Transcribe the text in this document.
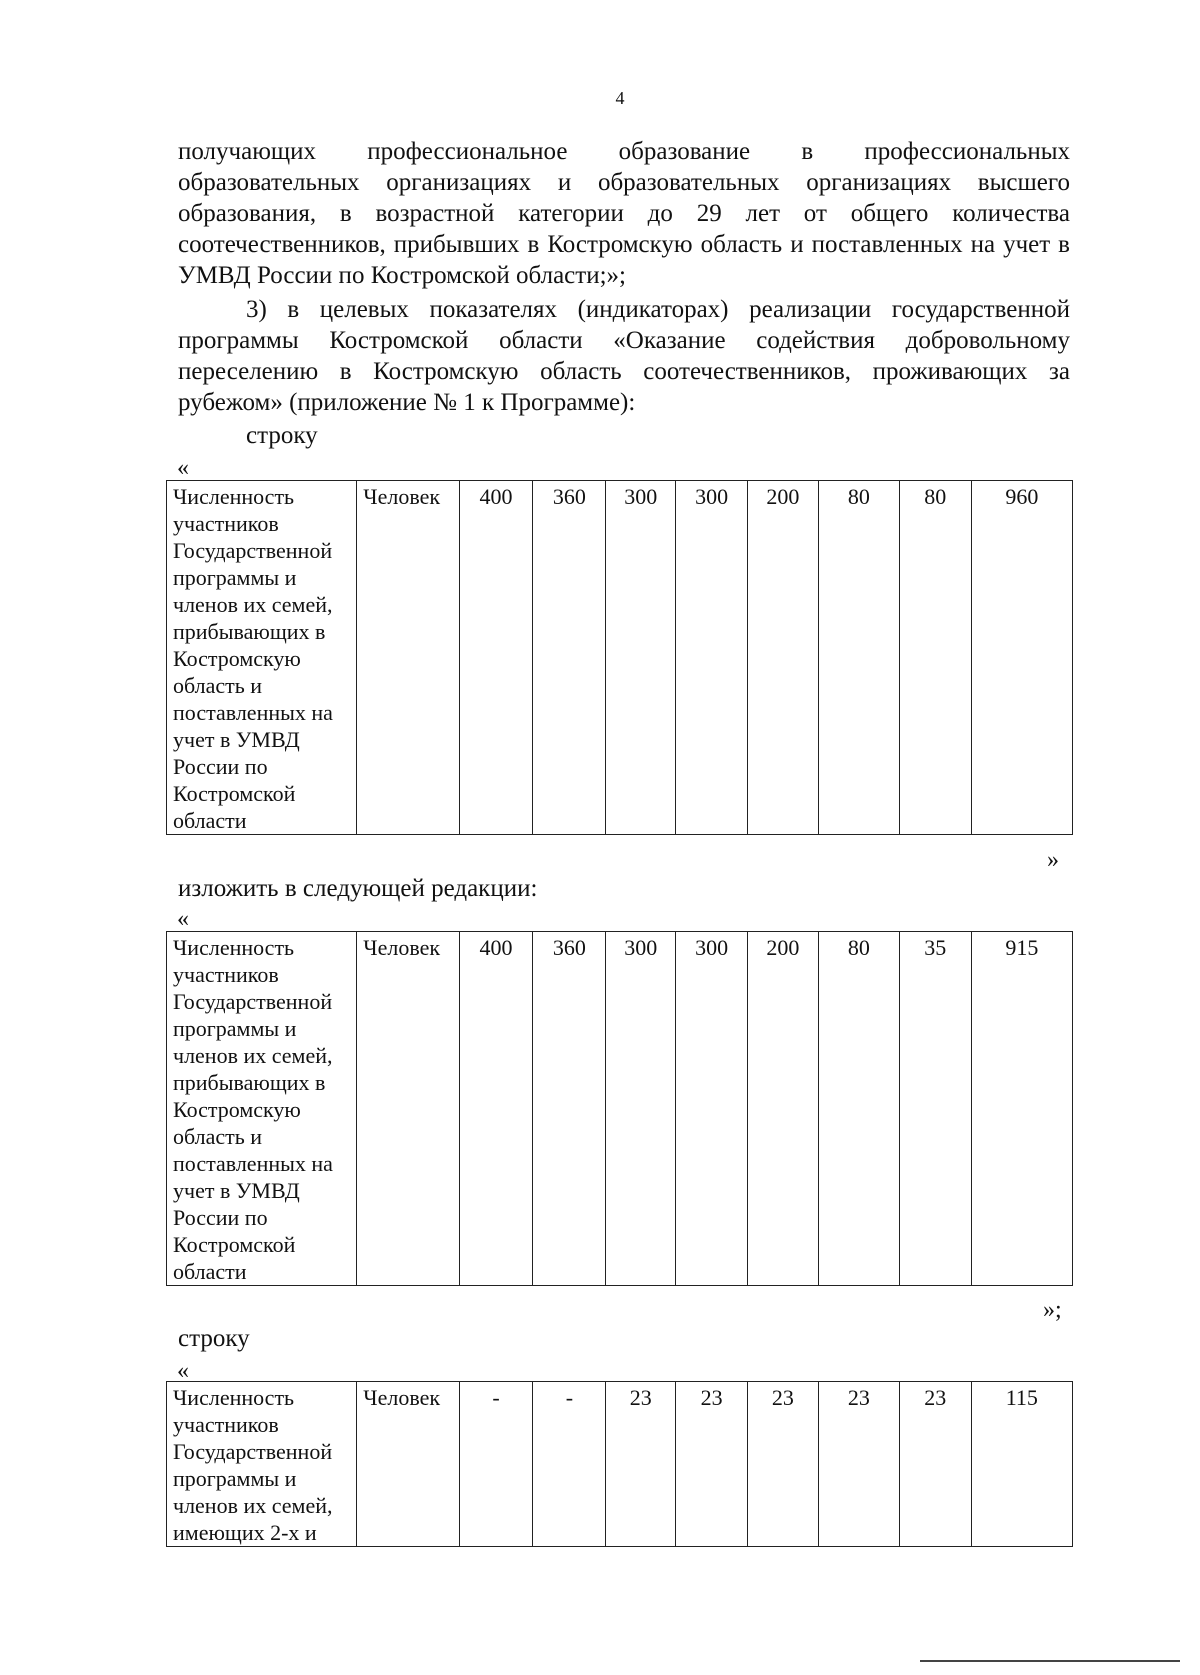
4
получающих профессиональное образование в профессиональных образовательных организациях и образовательных организациях высшего образования, в возрастной категории до 29 лет от общего количества соотечественников, прибывших в Костромскую область и поставленных на учет в УМВД России по Костромской области;»;
3) в целевых показателях (индикаторах) реализации государственной программы Костромской области «Оказание содействия добровольному переселению в Костромскую область соотечественников, проживающих за рубежом» (приложение № 1 к Программе):
строку
«
Численность участников Государственной программы и членов их семей, прибывающих в Костромскую область и поставленных на учет в УМВД России по Костромской области	Человек	400	360	300	300	200	80	80	960
»
изложить в следующей редакции:
«
Численность участников Государственной программы и членов их семей, прибывающих в Костромскую область и поставленных на учет в УМВД России по Костромской области	Человек	400	360	300	300	200	80	35	915
»;
строку
«
Численность участников Государственной программы и членов их семей, имеющих 2-х и	Человек	-	-	23	23	23	23	23	115
